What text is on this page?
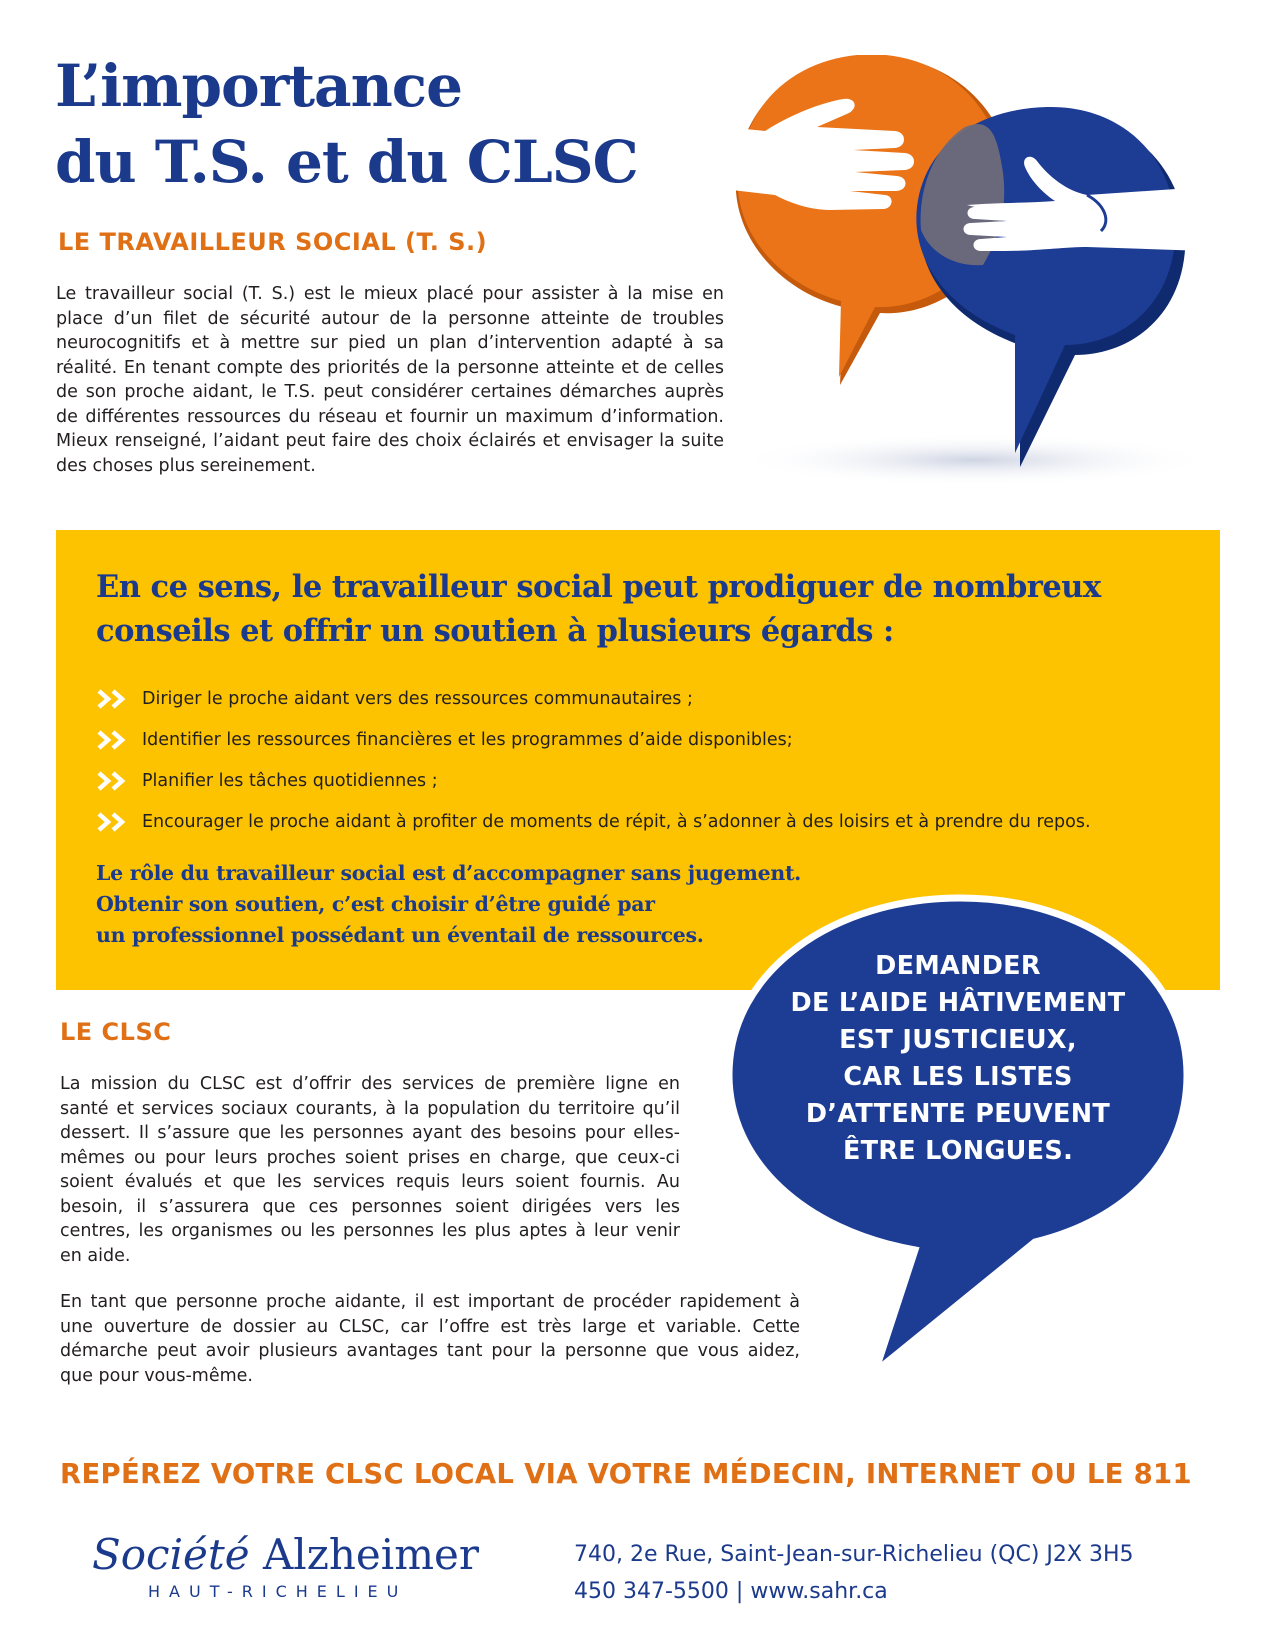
L’importance
du T.S. et du CLSC
LE TRAVAILLEUR SOCIAL (T. S.)

Le travailleur social (T. S.) est le mieux placé pour assister à la mise en place d’un filet de sécurité autour de la personne atteinte de troubles neurocognitifs et à mettre sur pied un plan d’intervention adapté à sa réalité. En tenant compte des priorités de la personne atteinte et de celles de son proche aidant, le T.S. peut considérer certaines démarches auprès de différentes ressources du réseau et fournir un maximum d’information. Mieux renseigné, l’aidant peut faire des choix éclairés et envisager la suite des choses plus sereinement.

En ce sens, le travailleur social peut prodiguer de nombreux
conseils et offrir un soutien à plusieurs égards :
Diriger le proche aidant vers des ressources communautaires ;
Identifier les ressources financières et les programmes d’aide disponibles;
Planifier les tâches quotidiennes ;
Encourager le proche aidant à profiter de moments de répit, à s’adonner à des loisirs et à prendre du repos.
Le rôle du travailleur social est d’accompagner sans jugement.
Obtenir son soutien, c’est choisir d’être guidé par
un professionnel possédant un éventail de ressources.
DEMANDER
DE L’AIDE HÂTIVEMENT
EST JUSTICIEUX,
CAR LES LISTES
D’ATTENTE PEUVENT
ÊTRE LONGUES.
LE CLSC

La mission du CLSC est d’offrir des services de première ligne en santé et services sociaux courants, à la population du territoire qu’il dessert. Il s’assure que les personnes ayant des besoins pour elles-mêmes ou pour leurs proches soient prises en charge, que ceux-ci soient évalués et que les services requis leurs soient fournis. Au besoin, il s’assurera que ces personnes soient dirigées vers les centres, les organismes ou les personnes les plus aptes à leur venir en aide.

En tant que personne proche aidante, il est important de procéder rapidement à une ouverture de dossier au CLSC, car l’offre est très large et variable. Cette démarche peut avoir plusieurs avantages tant pour la personne que vous aidez, que pour vous-même.

REPÉREZ VOTRE CLSC LOCAL VIA VOTRE MÉDECIN, INTERNET OU LE 811
Société Alzheimer
HAUT-RICHELIEU
740, 2e Rue, Saint-Jean-sur-Richelieu (QC) J2X 3H5
450 347-5500 | www.sahr.ca
